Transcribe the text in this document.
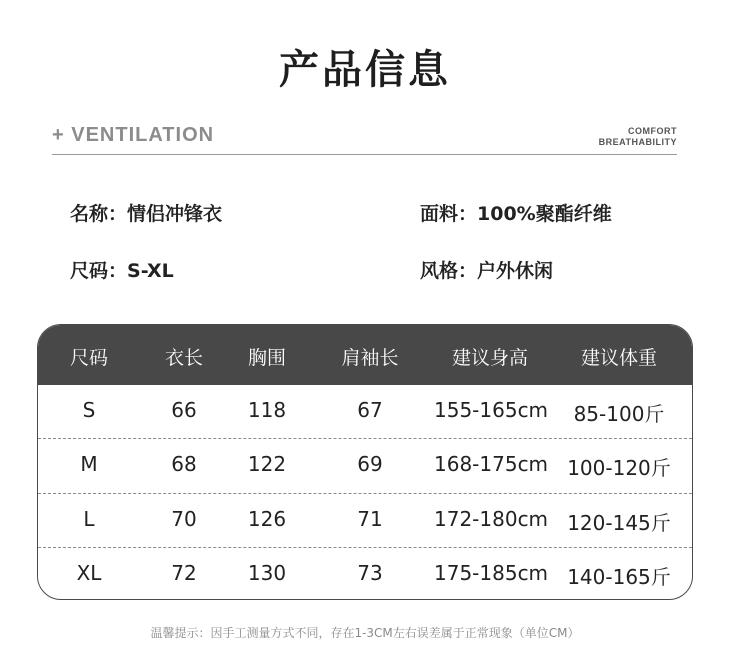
产品信息
+ VENTILATION	COMFORT
BREATHABILITY
名称：情侣冲锋衣	面料：100%聚酯纤维
尺码：S-XL	风格：户外休闲
尺码	衣长	胸围	肩袖长	建议身高	建议体重
S	66	118	67	155-165cm	85-100斤
M	68	122	69	168-175cm 100-120斤
L	70	126	71	172-180cm 120-145斤
XL	72	130	73	175-185cm 140-165斤
温馨提示：因手工测量方式不同，存在1-3CM左右误差属于正常现象（单位CM）
